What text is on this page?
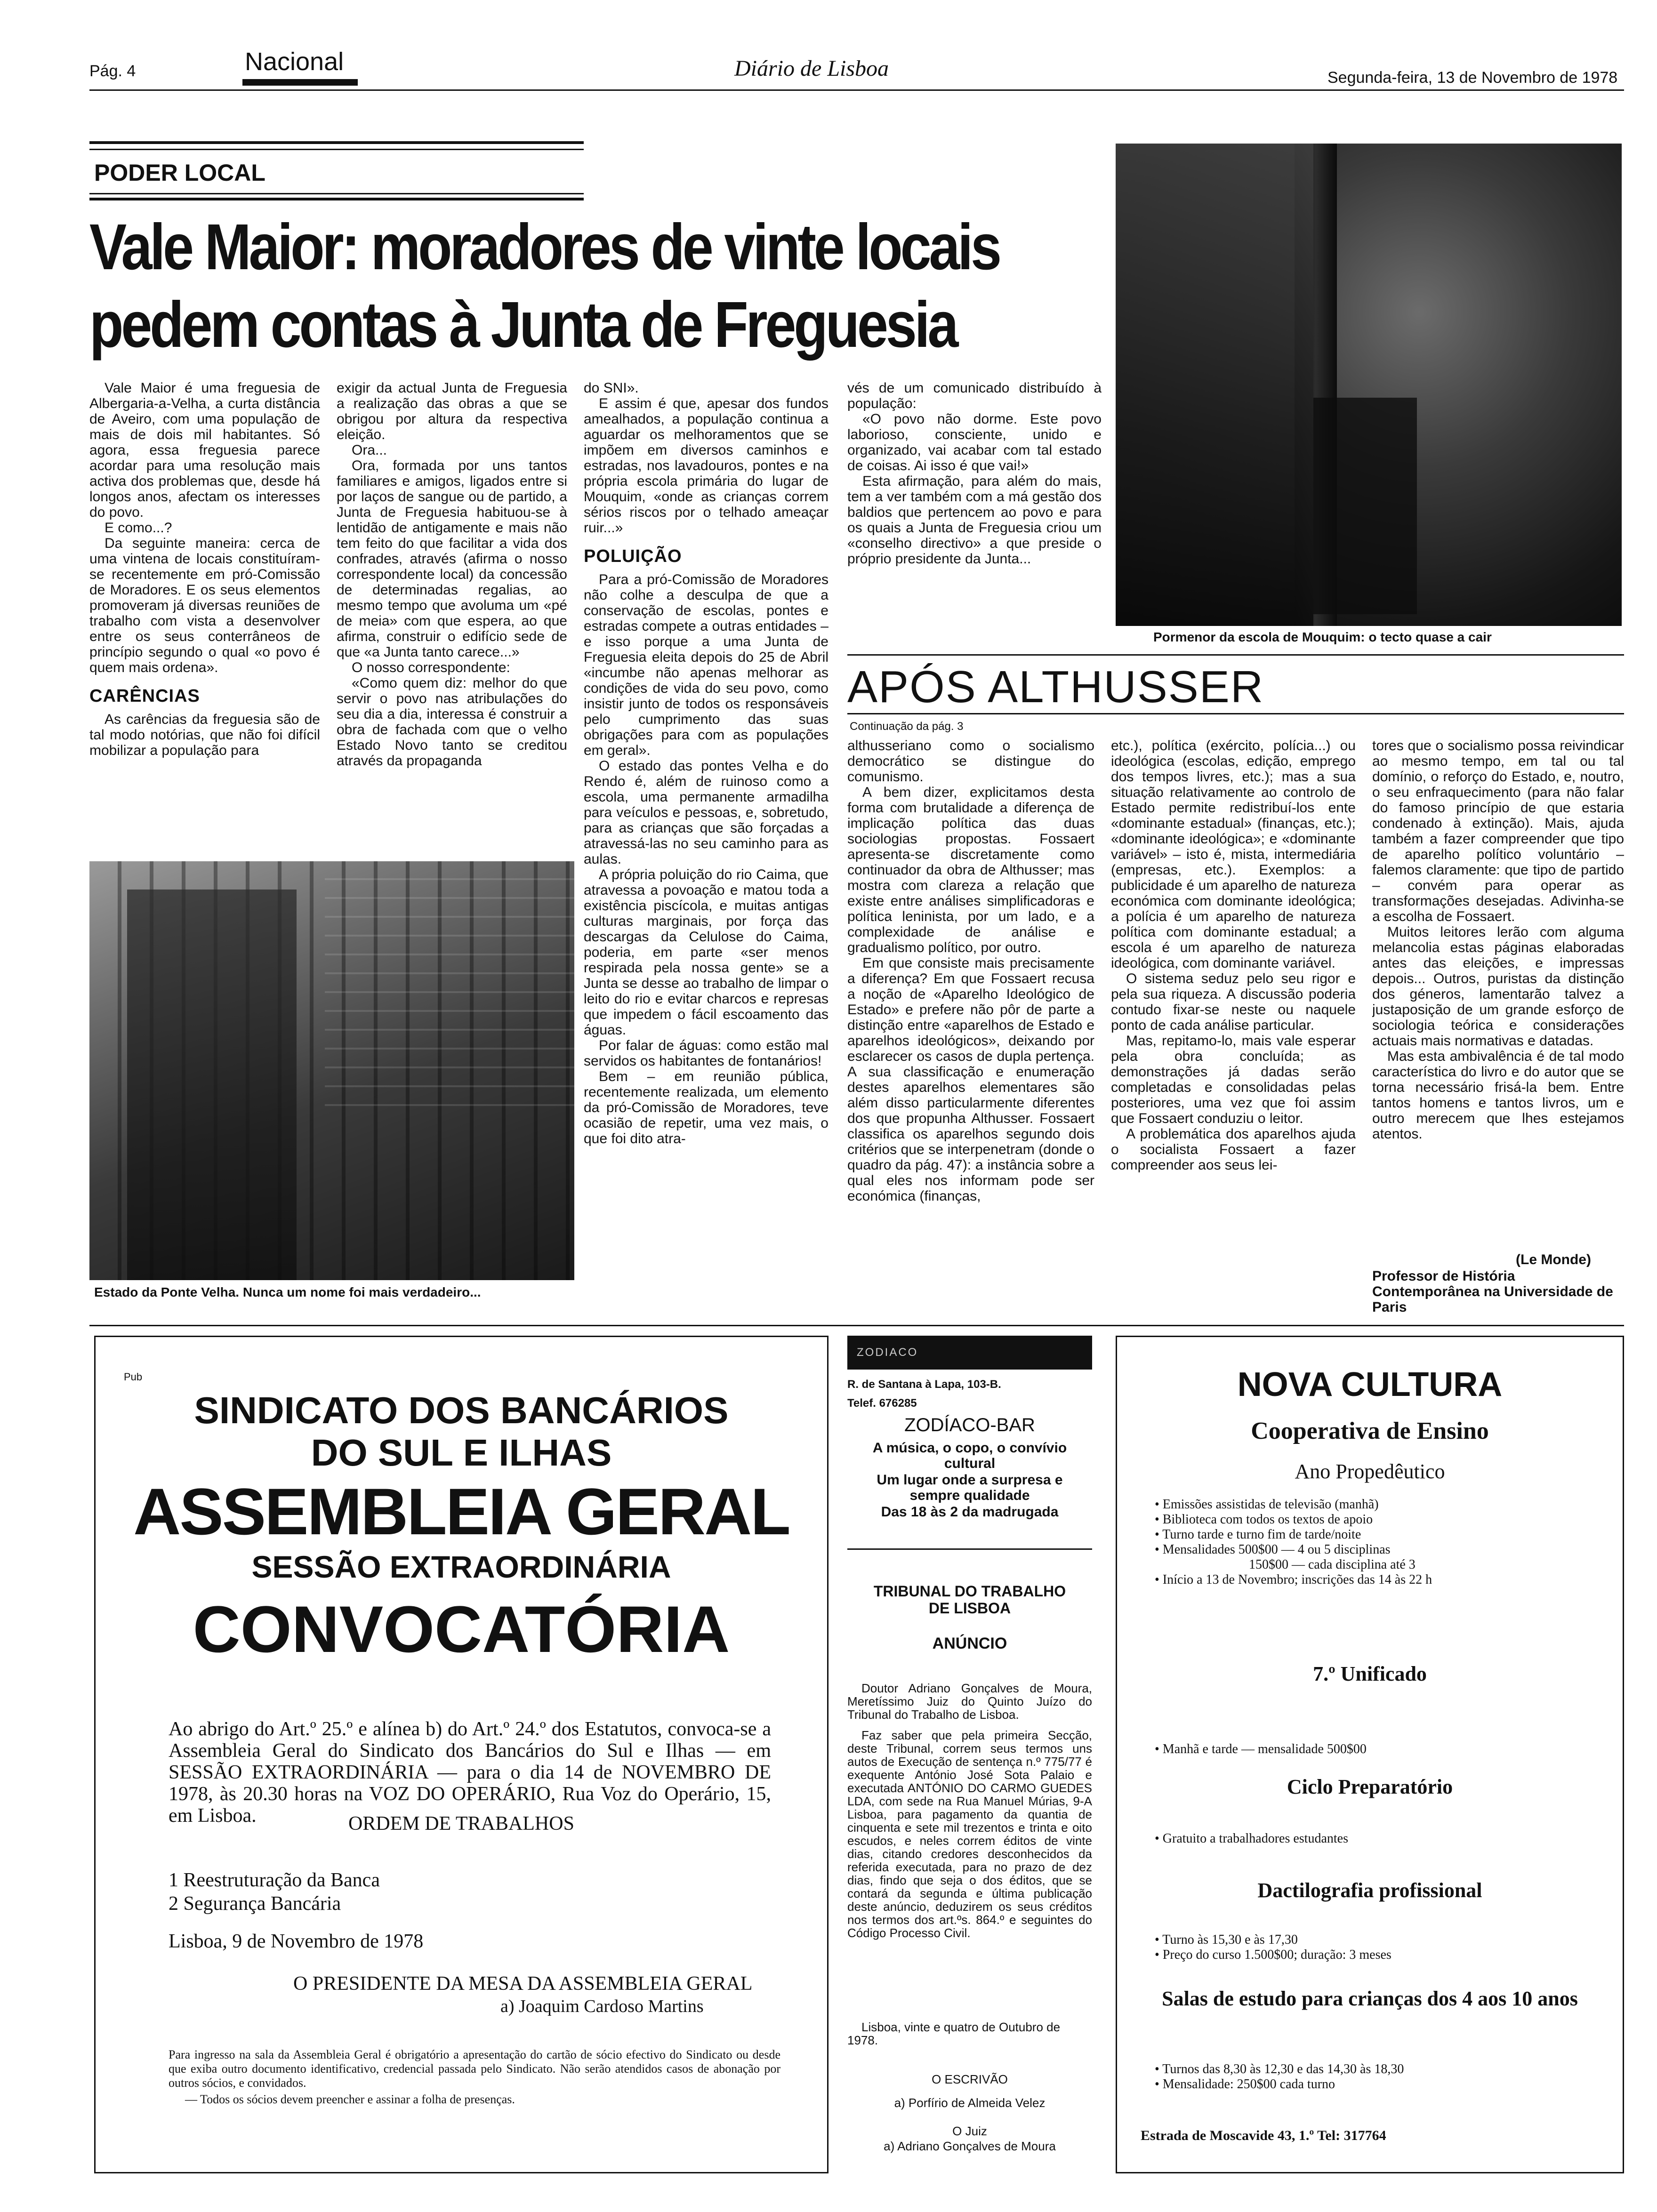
Pág. 4	Nacional	Diário de Lisboa	Segunda-feira, 13 de Novembro de 1978
PODER LOCAL
Vale Maior: moradores de vinte locais
pedem contas à Junta de Freguesia
Pormenor da escola de Mouquim: o tecto quase a cair

Vale Maior é uma freguesia de Albergaria-a-Velha, a curta distância de Aveiro, com uma população de mais de dois mil habitantes. Só agora, essa freguesia parece acordar para uma resolução mais activa dos problemas que, desde há longos anos, afectam os interesses do povo.

E como...?

Da seguinte maneira: cerca de uma vintena de locais constituíram-se recentemente em pró-Comissão de Moradores. E os seus elementos promoveram já diversas reuniões de trabalho com vista a desenvolver entre os seus conterrâneos de princípio segundo o qual «o povo é quem mais ordena».

CARÊNCIAS

As carências da freguesia são de tal modo notórias, que não foi difícil mobilizar a população para

exigir da actual Junta de Freguesia a realização das obras a que se obrigou por altura da respectiva eleição.

Ora...

Ora, formada por uns tantos familiares e amigos, ligados entre si por laços de sangue ou de partido, a Junta de Freguesia habituou-se à lentidão de antigamente e mais não tem feito do que facilitar a vida dos confrades, através (afirma o nosso correspondente local) da concessão de determinadas regalias, ao mesmo tempo que avoluma um «pé de meia» com que espera, ao que afirma, construir o edifício sede de que «a Junta tanto carece...»

O nosso correspondente:

«Como quem diz: melhor do que servir o povo nas atribulações do seu dia a dia, interessa é construir a obra de fachada com que o velho Estado Novo tanto se creditou através da propaganda

do SNI».

E assim é que, apesar dos fundos amealhados, a população continua a aguardar os melhoramentos que se impõem em diversos caminhos e estradas, nos lavadouros, pontes e na própria escola primária do lugar de Mouquim, «onde as crianças correm sérios riscos por o telhado ameaçar ruir...»

POLUIÇÃO

Para a pró-Comissão de Moradores não colhe a desculpa de que a conservação de escolas, pontes e estradas compete a outras entidades – e isso porque a uma Junta de Freguesia eleita depois do 25 de Abril «incumbe não apenas melhorar as condições de vida do seu povo, como insistir junto de todos os responsáveis pelo cumprimento das suas obrigações para com as populações em geral».

O estado das pontes Velha e do Rendo é, além de ruinoso como a escola, uma permanente armadilha para veículos e pessoas, e, sobretudo, para as crianças que são forçadas a atravessá-las no seu caminho para as aulas.

A própria poluição do rio Caima, que atravessa a povoação e matou toda a existência piscícola, e muitas antigas culturas marginais, por força das descargas da Celulose do Caima, poderia, em parte «ser menos respirada pela nossa gente» se a Junta se desse ao trabalho de limpar o leito do rio e evitar charcos e represas que impedem o fácil escoamento das águas.

Por falar de águas: como estão mal servidos os habitantes de fontanários!

Bem – em reunião pública, recentemente realizada, um elemento da pró-Comissão de Moradores, teve ocasião de repetir, uma vez mais, o que foi dito atra-

vés de um comunicado distribuído à população:

«O povo não dorme. Este povo laborioso, consciente, unido e organizado, vai acabar com tal estado de coisas. Ai isso é que vai!»

Esta afirmação, para além do mais, tem a ver também com a má gestão dos baldios que pertencem ao povo e para os quais a Junta de Freguesia criou um «conselho directivo» a que preside o próprio presidente da Junta...

Estado da Ponte Velha. Nunca um nome foi mais verdadeiro...
APÓS ALTHUSSER
Continuação da pág. 3

althusseriano como o socialismo democrático se distingue do comunismo.

A bem dizer, explicitamos desta forma com brutalidade a diferença de implicação política das duas sociologias propostas. Fossaert apresenta-se discretamente como continuador da obra de Althusser; mas mostra com clareza a relação que existe entre análises simplificadoras e política leninista, por um lado, e a complexidade de análise e gradualismo político, por outro.

Em que consiste mais precisamente a diferença? Em que Fossaert recusa a noção de «Aparelho Ideológico de Estado» e prefere não pôr de parte a distinção entre «aparelhos de Estado e aparelhos ideológicos», deixando por esclarecer os casos de dupla pertença. A sua classificação e enumeração destes aparelhos elementares são além disso particularmente diferentes dos que propunha Althusser. Fossaert classifica os aparelhos segundo dois critérios que se interpenetram (donde o quadro da pág. 47): a instância sobre a qual eles nos informam pode ser económica (finanças,

etc.), política (exército, polícia...) ou ideológica (escolas, edição, emprego dos tempos livres, etc.); mas a sua situação relativamente ao controlo de Estado permite redistribuí-los ente «dominante estadual» (finanças, etc.); «dominante ideológica»; e «dominante variável» – isto é, mista, intermediária (empresas, etc.). Exemplos: a publicidade é um aparelho de natureza económica com dominante ideológica; a polícia é um aparelho de natureza política com dominante estadual; a escola é um aparelho de natureza ideológica, com dominante variável.

O sistema seduz pelo seu rigor e pela sua riqueza. A discussão poderia contudo fixar-se neste ou naquele ponto de cada análise particular.

Mas, repitamo-lo, mais vale esperar pela obra concluída; as demonstrações já dadas serão completadas e consolidadas pelas posteriores, uma vez que foi assim que Fossaert conduziu o leitor.

A problemática dos aparelhos ajuda o socialista Fossaert a fazer compreender aos seus lei-

tores que o socialismo possa reivindicar ao mesmo tempo, em tal ou tal domínio, o reforço do Estado, e, noutro, o seu enfraquecimento (para não falar do famoso princípio de que estaria condenado à extinção). Mais, ajuda também a fazer compreender que tipo de aparelho político voluntário – falemos claramente: que tipo de partido – convém para operar as transformações desejadas. Adivinha-se a escolha de Fossaert.

Muitos leitores lerão com alguma melancolia estas páginas elaboradas antes das eleições, e impressas depois... Outros, puristas da distinção dos géneros, lamentarão talvez a justaposição de um grande esforço de sociologia teórica e considerações actuais mais normativas e datadas.

Mas esta ambivalência é de tal modo característica do livro e do autor que se torna necessário frisá-la bem. Entre tantos homens e tantos livros, um e outro merecem que lhes estejamos atentos.

(Le Monde)
Professor de História Contemporânea na Universidade de Paris
Pub
SINDICATO DOS BANCÁRIOS
DO SUL E ILHAS
ASSEMBLEIA GERAL
SESSÃO EXTRAORDINÁRIA
CONVOCATÓRIA
Ao abrigo do Art.º 25.º e alínea b) do Art.º 24.º dos Estatutos, convoca-se a Assembleia Geral do Sindicato dos Bancários do Sul e Ilhas — em SESSÃO EXTRAORDINÁRIA — para o dia 14 de NOVEMBRO DE 1978, às 20.30 horas na VOZ DO OPERÁRIO, Rua Voz do Operário, 15, em Lisboa.	ORDEM DE TRABALHOS
1 Reestruturação da Banca
2 Segurança Bancária
Lisboa, 9 de Novembro de 1978
O PRESIDENTE DA MESA DA ASSEMBLEIA GERAL
a) Joaquim Cardoso Martins
Para ingresso na sala da Assembleia Geral é obrigatório a apresentação do cartão de sócio efectivo do Sindicato ou desde que exiba outro documento identificativo, credencial passada pelo Sindicato. Não serão atendidos casos de abonação por outros sócios, e convidados.
— Todos os sócios devem preencher e assinar a folha de presenças.
ZODIACO
R. de Santana à Lapa, 103-B.
Telef. 676285
ZODÍACO-BAR
A música, o copo, o convívio cultural
Um lugar onde a surpresa e sempre qualidade
Das 18 às 2 da madrugada
TRIBUNAL DO TRABALHO DE LISBOA
ANÚNCIO
Doutor Adriano Gonçalves de Moura, Meretíssimo Juiz do Quinto Juízo do Tribunal do Trabalho de Lisboa.
Faz saber que pela primeira Secção, deste Tribunal, correm seus termos uns autos de Execução de sentença n.º 775/77 é exequente António José Sota Palaio e executada ANTÓNIO DO CARMO GUEDES LDA, com sede na Rua Manuel Múrias, 9-A Lisboa, para pagamento da quantia de cinquenta e sete mil trezentos e trinta e oito escudos, e neles correm éditos de vinte dias, citando credores desconhecidos da referida executada, para no prazo de dez dias, findo que seja o dos éditos, que se contará da segunda e última publicação deste anúncio, deduzirem os seus créditos nos termos dos art.ºs. 864.º e seguintes do Código Processo Civil.
Lisboa, vinte e quatro de Outubro de 1978.
O ESCRIVÃO
a) Porfírio de Almeida Velez
O Juiz
a) Adriano Gonçalves de Moura
NOVA CULTURA
Cooperativa de Ensino
Ano Propedêutico
• Emissões assistidas de televisão (manhã)
• Biblioteca com todos os textos de apoio
• Turno tarde e turno fim de tarde/noite
• Mensalidades 500$00 — 4 ou 5 disciplinas
150$00 — cada disciplina até 3
• Início a 13 de Novembro; inscrições das 14 às 22 h
7.º Unificado
• Manhã e tarde — mensalidade 500$00
Ciclo Preparatório
• Gratuito a trabalhadores estudantes
Dactilografia profissional
• Turno às 15,30 e às 17,30
• Preço do curso 1.500$00; duração: 3 meses
Salas de estudo para crianças dos 4 aos 10 anos
• Turnos das 8,30 às 12,30 e das 14,30 às 18,30
• Mensalidade: 250$00 cada turno
Estrada de Moscavide 43, 1.º Tel: 317764
